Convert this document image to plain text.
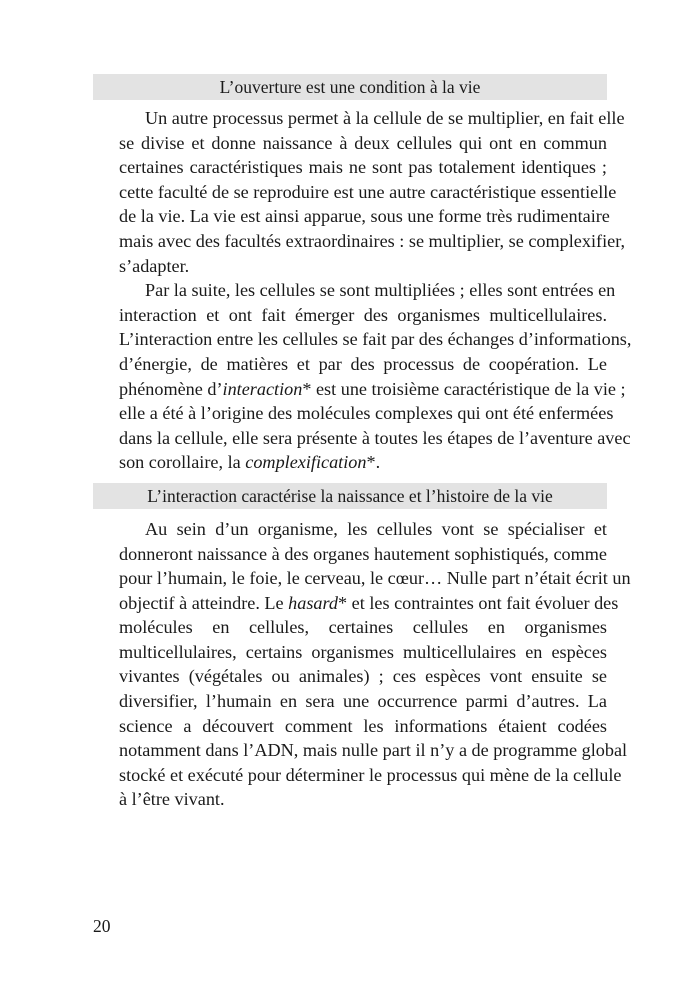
L’ouverture est une condition à la vie

Un autre processus permet à la cellule de se multiplier, en fait elle
se divise et donne naissance à deux cellules qui ont en commun
certaines caractéristiques mais ne sont pas totalement identiques ;
cette faculté de se reproduire est une autre caractéristique essentielle
de la vie. La vie est ainsi apparue, sous une forme très rudimentaire
mais avec des facultés extraordinaires : se multiplier, se complexifier,
s’adapter.

Par la suite, les cellules se sont multipliées ; elles sont entrées en
interaction et ont fait émerger des organismes multicellulaires.
L’interaction entre les cellules se fait par des échanges d’informations,
d’énergie, de matières et par des processus de coopération. Le
phénomène d’interaction* est une troisième caractéristique de la vie ;
elle a été à l’origine des molécules complexes qui ont été enfermées
dans la cellule, elle sera présente à toutes les étapes de l’aventure avec
son corollaire, la complexification*.

L’interaction caractérise la naissance et l’histoire de la vie

Au sein d’un organisme, les cellules vont se spécialiser et
donneront naissance à des organes hautement sophistiqués, comme
pour l’humain, le foie, le cerveau, le cœur… Nulle part n’était écrit un
objectif à atteindre. Le hasard* et les contraintes ont fait évoluer des
molécules en cellules, certaines cellules en organismes
multicellulaires, certains organismes multicellulaires en espèces
vivantes (végétales ou animales) ; ces espèces vont ensuite se
diversifier, l’humain en sera une occurrence parmi d’autres. La
science a découvert comment les informations étaient codées
notamment dans l’ADN, mais nulle part il n’y a de programme global
stocké et exécuté pour déterminer le processus qui mène de la cellule
à l’être vivant.

20
